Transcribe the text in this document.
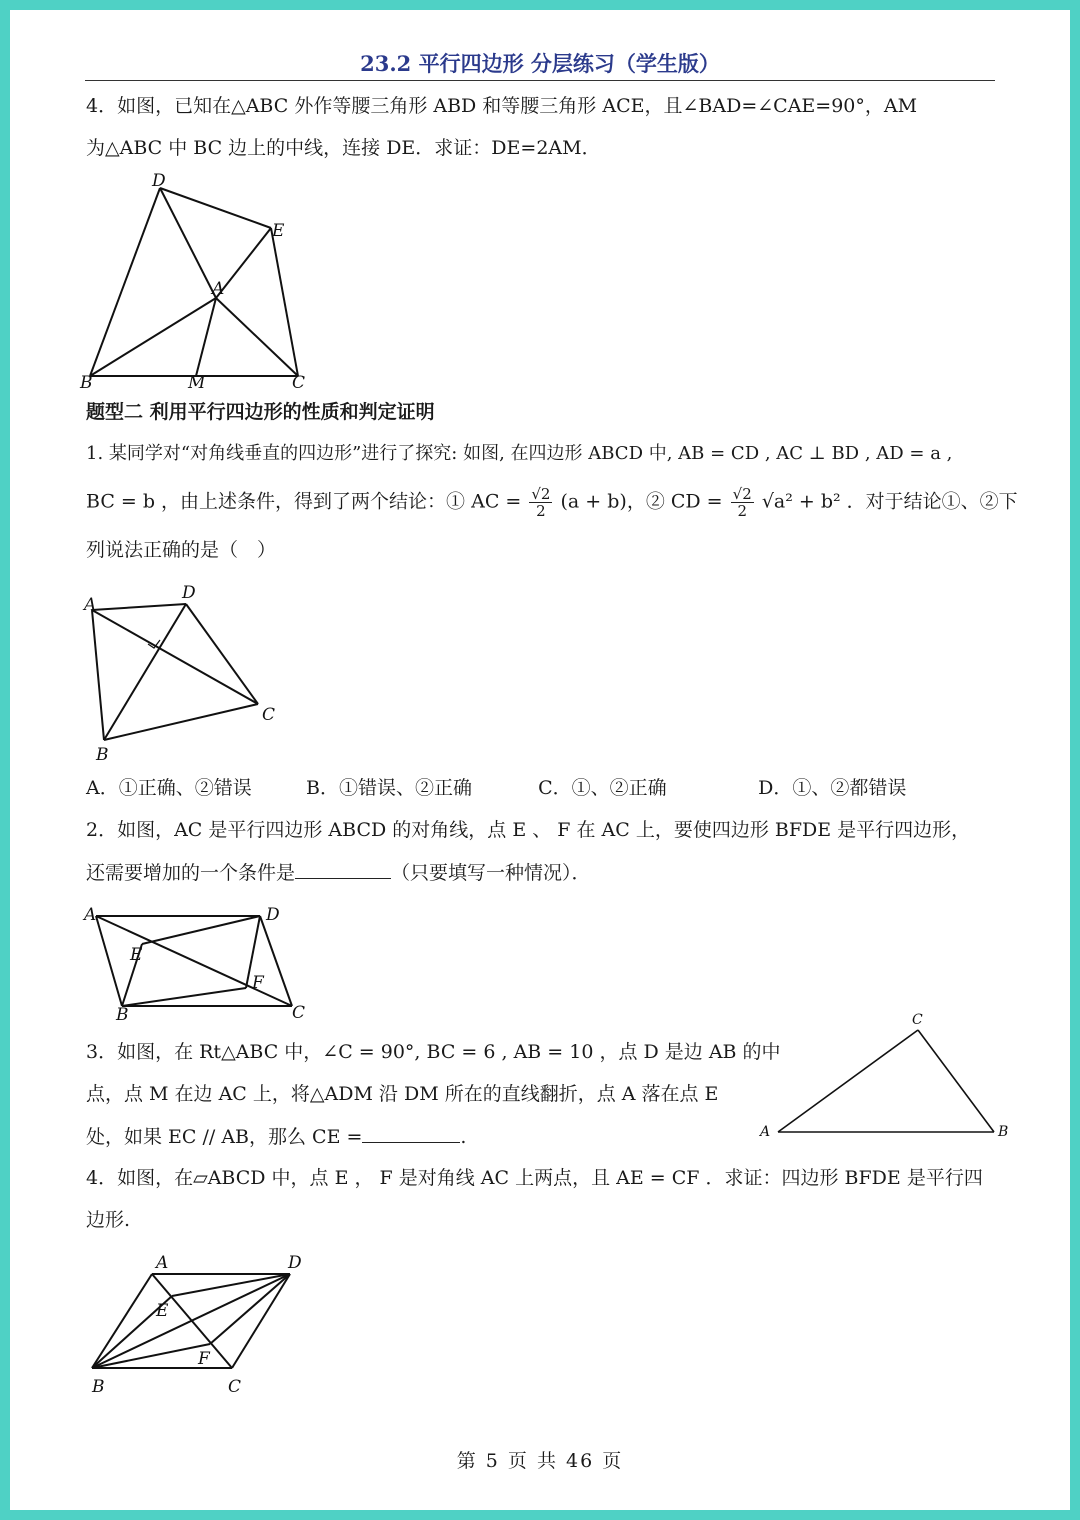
23.2 平行四边形 分层练习（学生版）
4．如图，已知在△ABC 外作等腰三角形 ABD 和等腰三角形 ACE，且∠BAD=∠CAE=90°，AM
为△ABC 中 BC 边上的中线，连接 DE．求证：DE=2AM．
D
E
A
B	M	C
题型二 利用平行四边形的性质和判定证明
1. 某同学对“对角线垂直的四边形”进行了探究: 如图, 在四边形 ABCD 中, AB = CD , AC ⊥ BD , AD = a ,
BC = b ，由上述条件，得到了两个结论：① AC = $\frac{√2}{2} (a + b)$，② CD = $\frac{√2}{2} √a^2 + b^2$ ．对于结论①、②下
列说法正确的是（　）
A
D
C
B
A．①正确、②错误	B．①错误、②正确	C．①、②正确	D．①、②都错误
2．如图，AC 是平行四边形 ABCD 的对角线，点 E 、 F 在 AC 上，要使四边形 BFDE 是平行四边形，
还需要增加的一个条件是	（只要填写一种情况）．
A	D
E
F
B	C
3．如图，在 Rt△ABC 中，∠C = 90°, BC = 6 , AB = 10 ，点 D 是边 AB 的中
点，点 M 在边 AC 上，将△ADM 沿 DM 所在的直线翻折，点 A 落在点 E
处，如果 EC // AB，那么 CE =	.
C
A	B
4．如图，在▱ABCD 中，点 E ， F 是对角线 AC 上两点，且 AE = CF ．求证：四边形 BFDE 是平行四
边形.
A	D
E
F
B	C
第 5 页 共 46 页
